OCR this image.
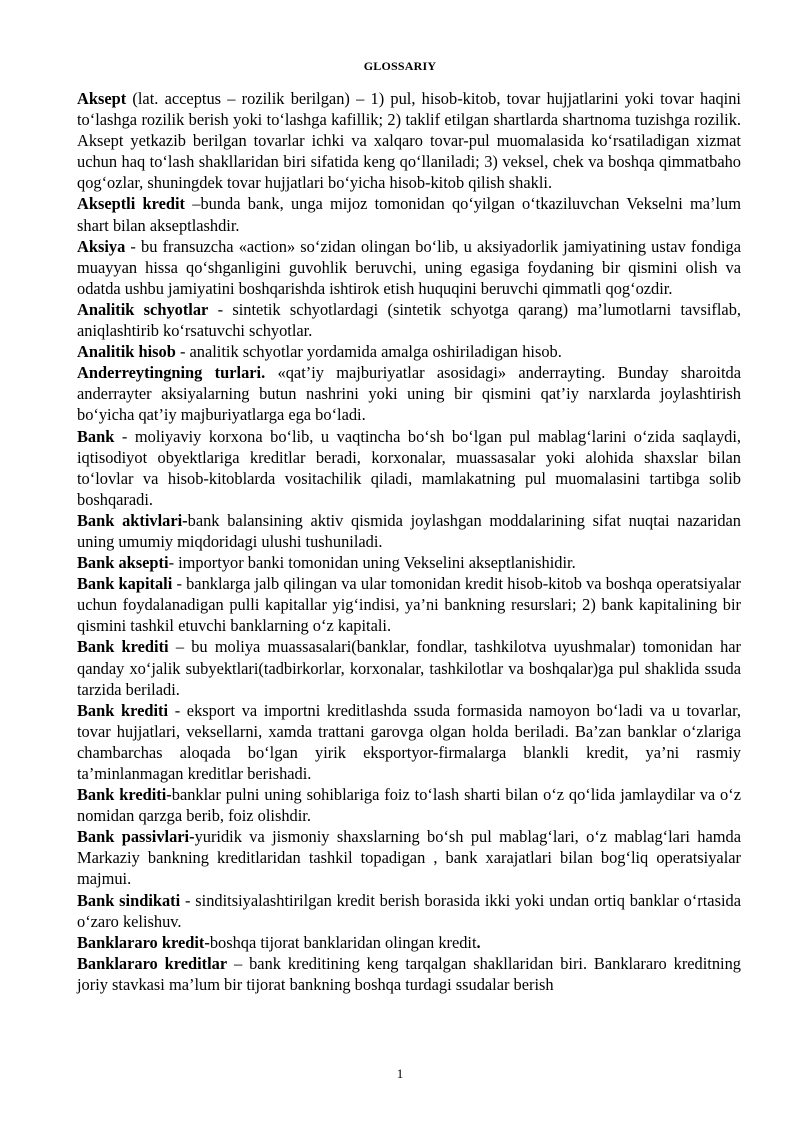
GLOSSARIY

Aksept (lat. acceptus – rozilik berilgan) – 1) pul, hisob-kitob, tovar hujjatlarini yoki tovar haqini to‘lashga rozilik berish yoki to‘lashga kafillik; 2) taklif etilgan shartlarda shartnoma tuzishga rozilik. Aksept yetkazib berilgan tovarlar ichki va xalqaro tovar-pul muomalasida ko‘rsatiladigan xizmat uchun haq to‘lash shakllaridan biri sifatida keng qo‘llaniladi; 3) veksel, chek va boshqa qimmatbaho qog‘ozlar, shuningdek tovar hujjatlari bo‘yicha hisob-kitob qilish shakli.

Akseptli kredit –bunda bank, unga mijoz tomonidan qo‘yilgan o‘tkaziluvchan Vekselni ma’lum shart bilan akseptlashdir.

Aksiya - bu fransuzcha «action» so‘zidan olingan bo‘lib, u aksiyadorlik jamiyatining ustav fondiga muayyan hissa qo‘shganligini guvohlik beruvchi, uning egasiga foydaning bir qismini olish va odatda ushbu jamiyatini boshqarishda ishtirok etish huquqini beruvchi qimmatli qog‘ozdir.

Analitik schyotlar - sintetik schyotlardagi (sintetik schyotga qarang) ma’lumotlarni tavsiflab, aniqlashtirib ko‘rsatuvchi schyotlar.

Analitik hisob - analitik schyotlar yordamida amalga oshiriladigan hisob.

Anderreytingning turlari. «qat’iy majburiyatlar asosidagi» anderrayting. Bunday sharoitda anderrayter aksiyalarning butun nashrini yoki uning bir qismini qat’iy narxlarda joylashtirish bo‘yicha qat’iy majburiyatlarga ega bo‘ladi.

Bank - moliyaviy korxona bo‘lib, u vaqtincha bo‘sh bo‘lgan pul mablag‘larini o‘zida saqlaydi, iqtisodiyot obyektlariga kreditlar beradi, korxonalar, muassasalar yoki alohida shaxslar bilan to‘lovlar va hisob-kitoblarda vositachilik qiladi, mamlakatning pul muomalasini tartibga solib boshqaradi.

Bank aktivlari-bank balansining aktiv qismida joylashgan moddalarining sifat nuqtai nazaridan uning umumiy miqdoridagi ulushi tushuniladi.

Bank aksepti- importyor banki tomonidan uning Vekselini akseptlanishidir.

Bank kapitali - banklarga jalb qilingan va ular tomonidan kredit hisob-kitob va boshqa operatsiyalar uchun foydalanadigan pulli kapitallar yig‘indisi, ya’ni bankning resurslari; 2) bank kapitalining bir qismini tashkil etuvchi banklarning o‘z kapitali.

Bank krediti – bu moliya muassasalari(banklar, fondlar, tashkilotva uyushmalar) tomonidan har qanday xo‘jalik subyektlari(tadbirkorlar, korxonalar, tashkilotlar va boshqalar)ga pul shaklida ssuda tarzida beriladi.

Bank krediti - eksport va importni kreditlashda ssuda formasida namoyon bo‘ladi va u tovarlar, tovar hujjatlari, veksellarni, xamda trattani garovga olgan holda beriladi. Ba’zan banklar o‘zlariga chambarchas aloqada bo‘lgan yirik eksportyor-firmalarga blankli kredit, ya’ni rasmiy ta’minlanmagan kreditlar berishadi.

Bank krediti-banklar pulni uning sohiblariga foiz to‘lash sharti bilan o‘z qo‘lida jamlaydilar va o‘z nomidan qarzga berib, foiz olishdir.

Bank passivlari-yuridik va jismoniy shaxslarning bo‘sh pul mablag‘lari, o‘z mablag‘lari hamda Markaziy bankning kreditlaridan tashkil topadigan , bank xarajatlari bilan bog‘liq operatsiyalar majmui.

Bank sindikati - sinditsiyalashtirilgan kredit berish borasida ikki yoki undan ortiq banklar o‘rtasida o‘zaro kelishuv.

Banklararo kredit-boshqa tijorat banklaridan olingan kredit.

Banklararo kreditlar – bank kreditining keng tarqalgan shakllaridan biri. Banklararo kreditning joriy stavkasi ma’lum bir tijorat bankning boshqa turdagi ssudalar berish

1
